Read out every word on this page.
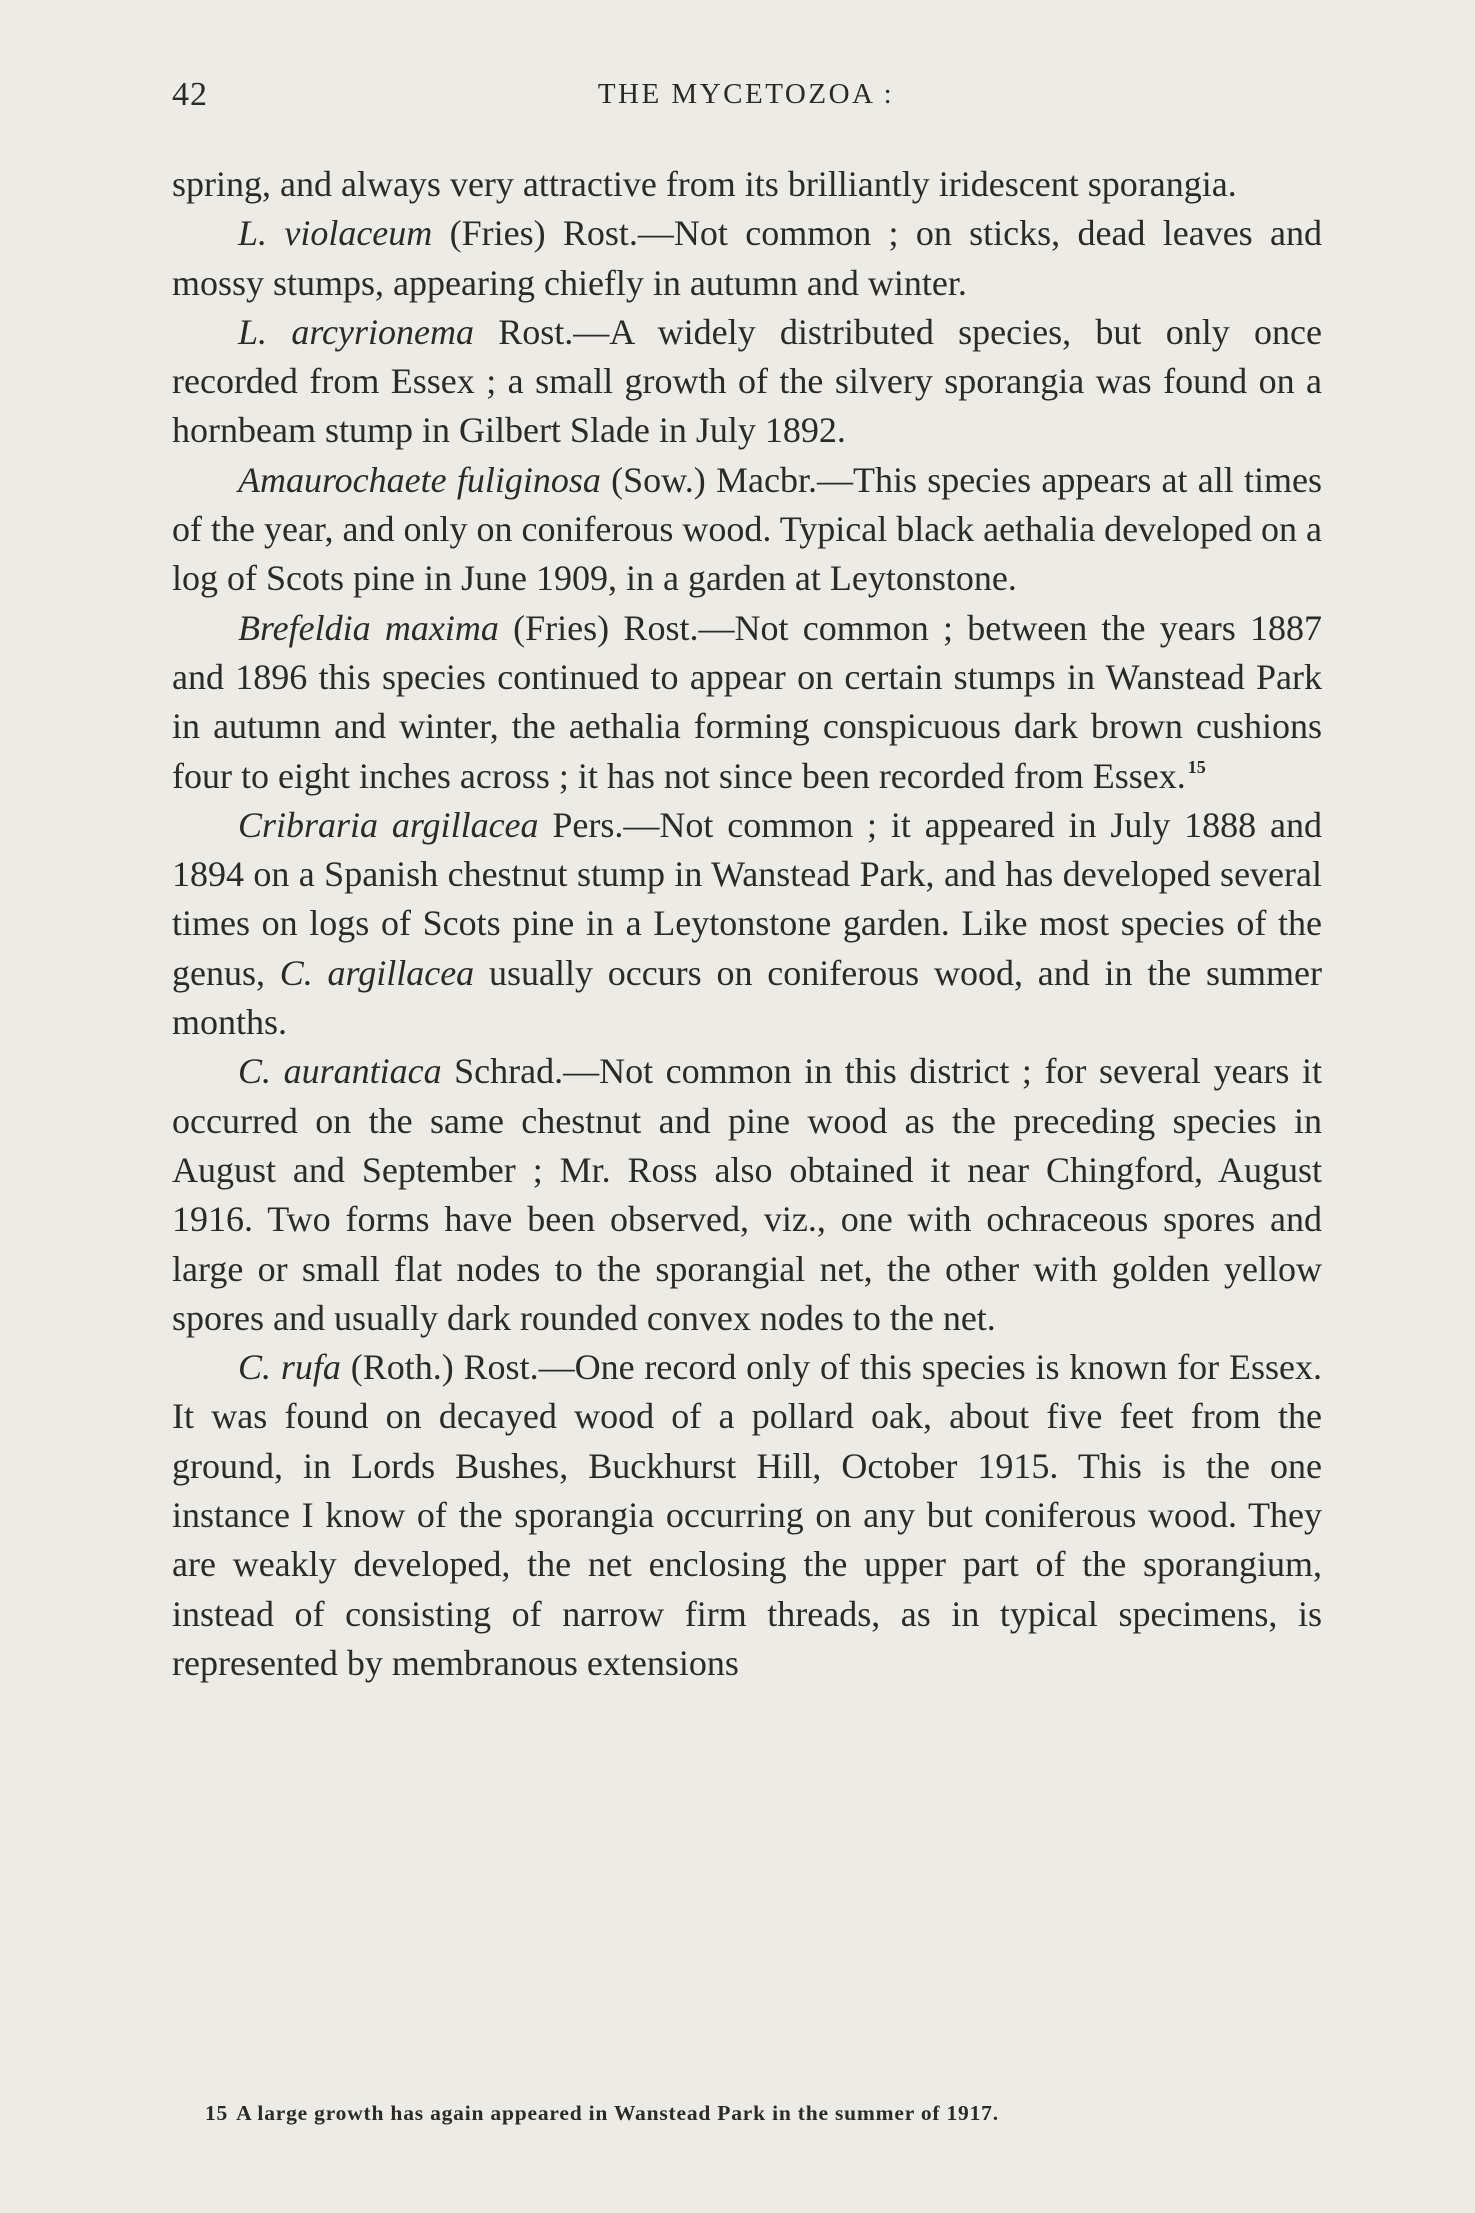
42	THE MYCETOZOA :

spring, and always very attractive from its brilliantly iridescent sporangia.

L. violaceum (Fries) Rost.—Not common ; on sticks, dead leaves and mossy stumps, appearing chiefly in autumn and winter.

L. arcyrionema Rost.—A widely distributed species, but only once recorded from Essex ; a small growth of the silvery sporangia was found on a hornbeam stump in Gilbert Slade in July 1892.

Amaurochaete fuliginosa (Sow.) Macbr.—This species appears at all times of the year, and only on coniferous wood. Typical black aethalia developed on a log of Scots pine in June 1909, in a garden at Leytonstone.

Brefeldia maxima (Fries) Rost.—Not common ; between the years 1887 and 1896 this species continued to appear on certain stumps in Wanstead Park in autumn and winter, the aethalia forming conspicuous dark brown cushions four to eight inches across ; it has not since been recorded from Essex. $^{15}$

Cribraria argillacea Pers.—Not common ; it appeared in July 1888 and 1894 on a Spanish chestnut stump in Wanstead Park, and has developed several times on logs of Scots pine in a Leytonstone garden. Like most species of the genus, C. argillacea usually occurs on coniferous wood, and in the summer months.

C. aurantiaca Schrad.—Not common in this district ; for several years it occurred on the same chestnut and pine wood as the preceding species in August and September ; Mr. Ross also obtained it near Chingford, August 1916. Two forms have been observed, viz., one with ochraceous spores and large or small flat nodes to the sporangial net, the other with golden yellow spores and usually dark rounded convex nodes to the net.

C. rufa (Roth.) Rost.—One record only of this species is known for Essex. It was found on decayed wood of a pollard oak, about five feet from the ground, in Lords Bushes, Buckhurst Hill, October 1915. This is the one instance I know of the sporangia occurring on any but coniferous wood. They are weakly developed, the net enclosing the upper part of the sporangium, instead of consisting of narrow firm threads, as in typical specimens, is represented by membranous extensions

15 A large growth has again appeared in Wanstead Park in the summer of 1917.
